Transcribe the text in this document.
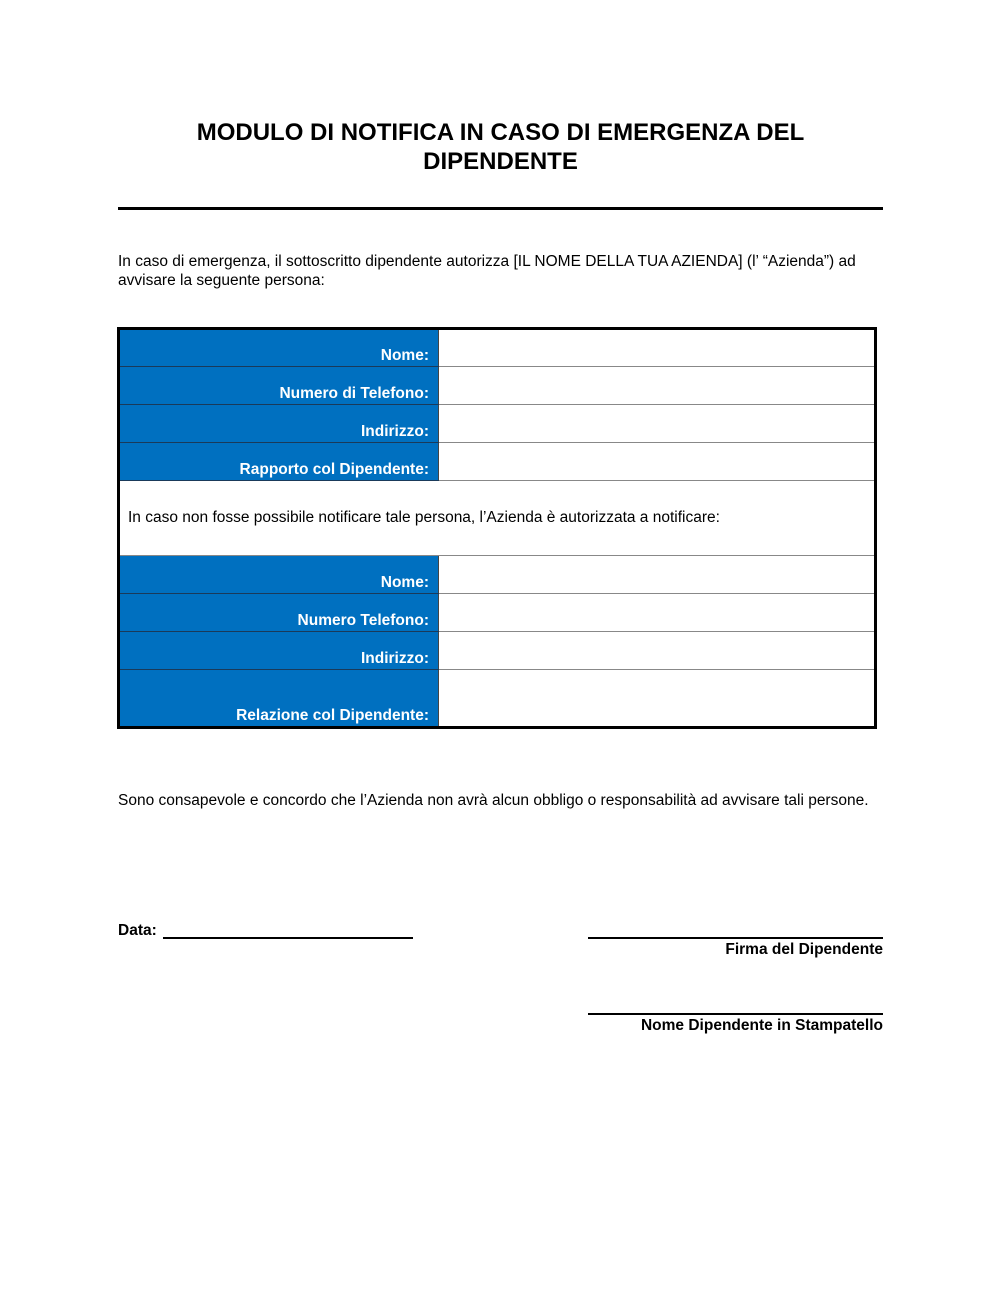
MODULO DI NOTIFICA IN CASO DI EMERGENZA DEL DIPENDENTE
In caso di emergenza, il sottoscritto dipendente autorizza [IL NOME DELLA TUA AZIENDA] (l’ “Azienda”) ad avvisare la seguente persona:
Nome:	
Numero di Telefono:	
Indirizzo:	
Rapporto col Dipendente:	
In caso non fosse possibile notificare tale persona, l’Azienda è autorizzata a notificare:	
Nome:	
Numero Telefono:	
Indirizzo:	
Relazione col Dipendente:	
Sono consapevole e concordo che l’Azienda non avrà alcun obbligo o responsabilità ad avvisare tali persone.
Data:
Firma del Dipendente
Nome Dipendente in Stampatello
